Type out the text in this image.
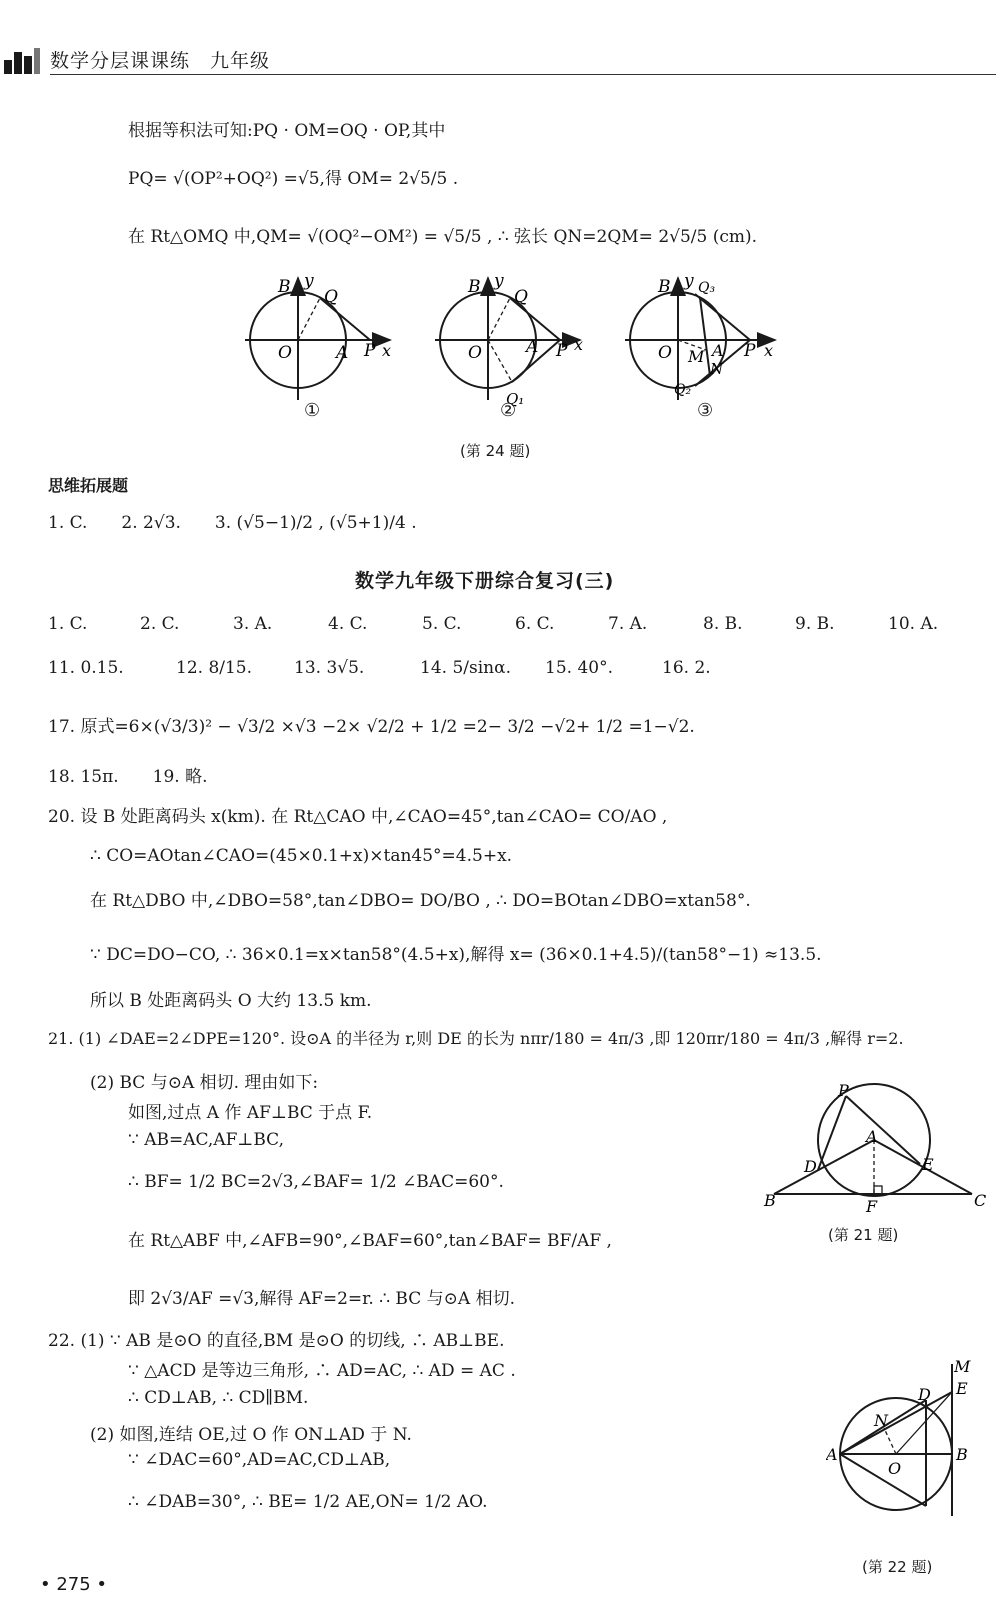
数学分层课课练　九年级
根据等积法可知:PQ · OM=OQ · OP,其中
PQ= √(OP²+OQ²) =√5,得 OM= 2√5/5 .
在 Rt△OMQ 中,QM= √(OQ²−OM²) = √5/5 , ∴ 弦长 QN=2QM= 2√5/5 (cm).
B y
Q
O	A P x
B y
Q
O	A P x
Q₁
B y Q₃
O M A
N
P x
Q₂
①	②	③
(第 24 题)
思维拓展题
1. C.　　2. 2√3.　　3. (√5−1)/2 , (√5+1)/4 .
数学九年级下册综合复习(三)
1. C.	2. C.	3. A.	4. C.	5. C.	6. C.	7. A.	8. B.	9. B.	10. A.
11. 0.15.	12. 8/15. 13. 3√5.	14. 5/sinα. 15. 40°.	16. 2.
17. 原式=6×(√3/3)² − √3/2 ×√3 −2× √2/2 + 1/2 =2− 3/2 −√2+ 1/2 =1−√2.
18. 15π.　　19. 略.
20. 设 B 处距离码头 x(km). 在 Rt△CAO 中,∠CAO=45°,tan∠CAO= CO/AO ,
∴ CO=AOtan∠CAO=(45×0.1+x)×tan45°=4.5+x.
在 Rt△DBO 中,∠DBO=58°,tan∠DBO= DO/BO , ∴ DO=BOtan∠DBO=xtan58°.
∵ DC=DO−CO, ∴ 36×0.1=x×tan58°(4.5+x),解得 x= (36×0.1+4.5)/(tan58°−1) ≈13.5.
所以 B 处距离码头 O 大约 13.5 km.
21. (1) ∠DAE=2∠DPE=120°. 设⊙A 的半径为 r,则 DE 的长为 nπr/180 = 4π/3 ,即 120πr/180 = 4π/3 ,解得 r=2.
(2) BC 与⊙A 相切. 理由如下:
如图,过点 A 作 AF⊥BC 于点 F.
∵ AB=AC,AF⊥BC,
∴ BF= 1/2 BC=2√3,∠BAF= 1/2 ∠BAC=60°.
在 Rt△ABF 中,∠AFB=90°,∠BAF=60°,tan∠BAF= BF/AF ,
即 2√3/AF =√3,解得 AF=2=r. ∴ BC 与⊙A 相切.
P
A
D	E
B	C
F
(第 21 题)
22. (1) ∵ AB 是⊙O 的直径,BM 是⊙O 的切线, ∴ AB⊥BE.
∵ △ACD 是等边三角形, ∴ AD=AC, ∴ AD = AC .
∴ CD⊥AB, ∴ CD∥BM.
(2) 如图,连结 OE,过 O 作 ON⊥AD 于 N.
∵ ∠DAC=60°,AD=AC,CD⊥AB,
∴ ∠DAB=30°, ∴ BE= 1/2 AE,ON= 1/2 AO.
M
D E
N
A	B
O
(第 22 题)
• 275 •
